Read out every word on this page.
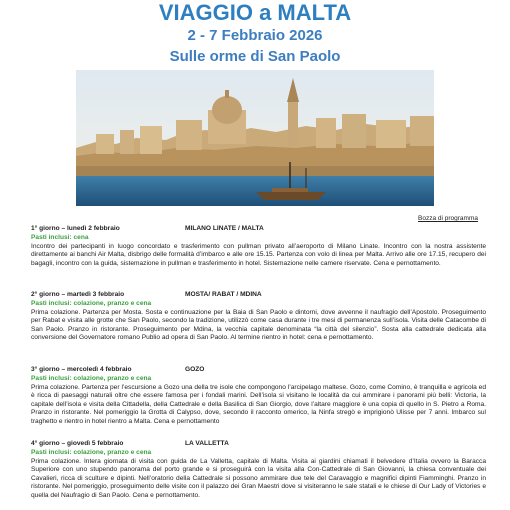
VIAGGIO a MALTA
2 - 7 Febbraio 2026
Sulle orme di San Paolo
Bozza di programma
1° giorno – lunedì 2 febbraio	MILANO LINATE / MALTA
Pasti inclusi: cena
Incontro dei partecipanti in luogo concordato e trasferimento con pullman privato all’aeroporto di Milano Linate. Incontro con la nostra assistente direttamente ai banchi Air Malta, disbrigo delle formalità d’imbarco e alle ore 15.15. Partenza con volo di linea per Malta. Arrivo alle ore 17.15, recupero dei bagagli, incontro con la guida, sistemazione in pullman e trasferimento in hotel. Sistemazione nelle camere riservate. Cena e pernottamento.
2° giorno – martedì 3 febbraio	MOSTA/ RABAT / MDINA
Pasti inclusi: colazione, pranzo e cena
Prima colazione. Partenza per Mosta. Sosta e continuazione per la Baia di San Paolo e dintorni, dove avvenne il naufragio dell’Apostolo. Proseguimento per Rabat e visita alle grotte che San Paolo, secondo la tradizione, utilizzò come casa durante i tre mesi di permanenza sull’isola. Visita delle Catacombe di San Paolo. Pranzo in ristorante. Proseguimento per Mdina, la vecchia capitale denominata “la città del silenzio”. Sosta alla cattedrale dedicata alla conversione del Governatore romano Publio ad opera di San Paolo. Al termine rientro in hotel: cena e pernottamento.
3° giorno – mercoledì 4 febbraio	GOZO
Pasti inclusi: colazione, pranzo e cena
Prima colazione. Partenza per l’escursione a Gozo una della tre isole che compongono l’arcipelago maltese. Gozo, come Comino, è tranquilla e agricola ed è ricca di paesaggi naturali oltre che essere famosa per i fondali marini. Dell’isola si visitano le località da cui ammirare i panorami più belli: Victoria, la capitale dell’isola e visita della Cittadella, della Cattedrale e della Basilica di San Giorgio, dove l’altare maggiore è una copia di quello in S. Pietro a Roma. Pranzo in ristorante. Nel pomeriggio la Grotta di Calypso, dove, secondo il racconto omerico, la Ninfa stregò e imprigionò Ulisse per 7 anni. Imbarco sul traghetto e rientro in hotel rientro a Malta. Cena e pernottamento
4° giorno – giovedì 5 febbraio	LA VALLETTA
Pasti inclusi: colazione, pranzo e cena
Prima colazione. Intera giornata di visita con guida de La Valletta, capitale di Malta. Visita ai giardini chiamati il belvedere d’Italia ovvero la Baracca Superiore con uno stupendo panorama del porto grande e si proseguirà con la visita alla Con-Cattedrale di San Giovanni, la chiesa conventuale dei Cavalieri, ricca di sculture e dipinti. Nell’oratorio della Cattedrale si possono ammirare due tele del Caravaggio e magnifici dipinti Fiamminghi. Pranzo in ristorante. Nel pomeriggio, proseguimento delle visite con il palazzo dei Gran Maestri dove si visiteranno le sale statali e le chiese di Our Lady of Victories e quella del Naufragio di San Paolo. Cena e pernottamento.
